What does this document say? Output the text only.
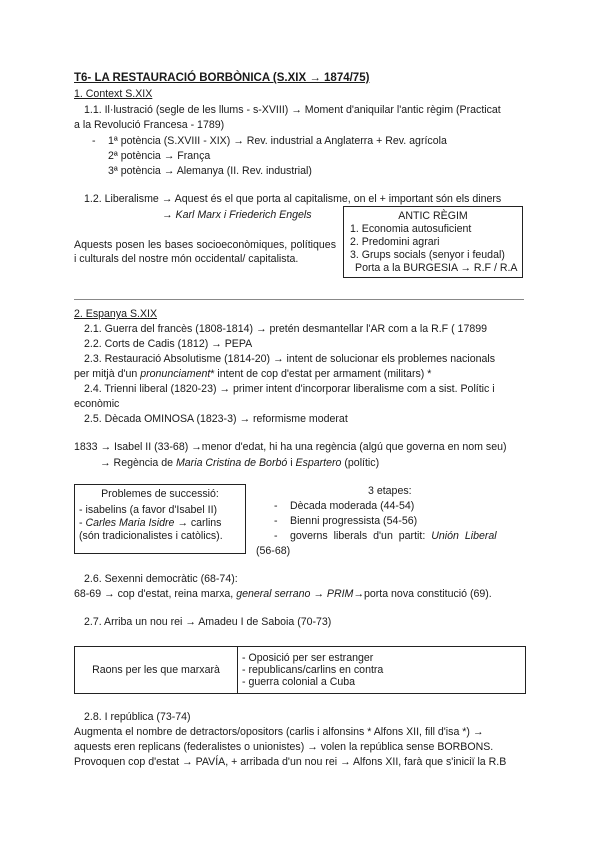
T6- LA RESTAURACIÓ BORBÒNICA (S.XIX → 1874/75)
1. Context S.XIX
1.1. Il·lustració (segle de les llums - s-XVIII) → Moment d'aniquilar l'antic règim (Practicat
a la Revolució Francesa - 1789)
- 1ª potència (S.XVIII - XIX) → Rev. industrial a Anglaterra + Rev. agrícola
2ª potència → França
3ª potència → Alemanya (II. Rev. industrial)
1.2. Liberalisme → Aquest és el que porta al capitalisme, on el + important són els diners
→ Karl Marx i Friederich Engels	ANTIC RÈGIM
1. Economia autosuficient
2. Predomini agrari
3. Grups socials (senyor i feudal)
Porta a la BURGESIA → R.F / R.A
Aquests posen les bases socioeconòmiques, polítiques i culturals del nostre món occidental/ capitalista.
2. Espanya S.XIX
2.1. Guerra del francès (1808-1814) → pretén desmantellar l'AR com a la R.F ( 17899
2.2. Corts de Cadis (1812) → PEPA
2.3. Restauració Absolutisme (1814-20) → intent de solucionar els problemes nacionals
per mitjà d'un pronunciament* intent de cop d'estat per armament (militars) *
2.4. Trienni liberal (1820-23) → primer intent d'incorporar liberalisme com a sist. Polític i
econòmic
2.5. Dècada OMINOSA (1823-3) → reformisme moderat
1833 → Isabel II (33-68) →menor d'edat, hi ha una regència (algú que governa en nom seu)
→ Regència de Maria Cristina de Borbó i Espartero (polític)
Problemes de successió:
- isabelins (a favor d'Isabel II)
- Carles Maria Isidre → carlins
(són tradicionalistes i catòlics).
3 etapes:
- Dècada moderada (44-54)
- Bienni progressista (54-56)
- governs liberals d'un partit: Unión Liberal
(56-68)
2.6. Sexenni democràtic (68-74):
68-69 → cop d'estat, reina marxa, general serrano → PRIM→porta nova constitució (69).
2.7. Arriba un nou rei → Amadeu I de Saboia (70-73)
Raons per les que marxarà	
- Oposició per ser estranger
- republicans/carlins en contra
- guerra colonial a Cuba
2.8. I república (73-74)
Augmenta el nombre de detractors/opositors (carlis i alfonsins * Alfons XII, fill d'isa *) →
aquests eren replicans (federalistes o unionistes) → volen la república sense BORBONS.
Provoquen cop d'estat → PAVÍA, + arribada d'un nou rei → Alfons XII, farà que s'iniciï la R.B
